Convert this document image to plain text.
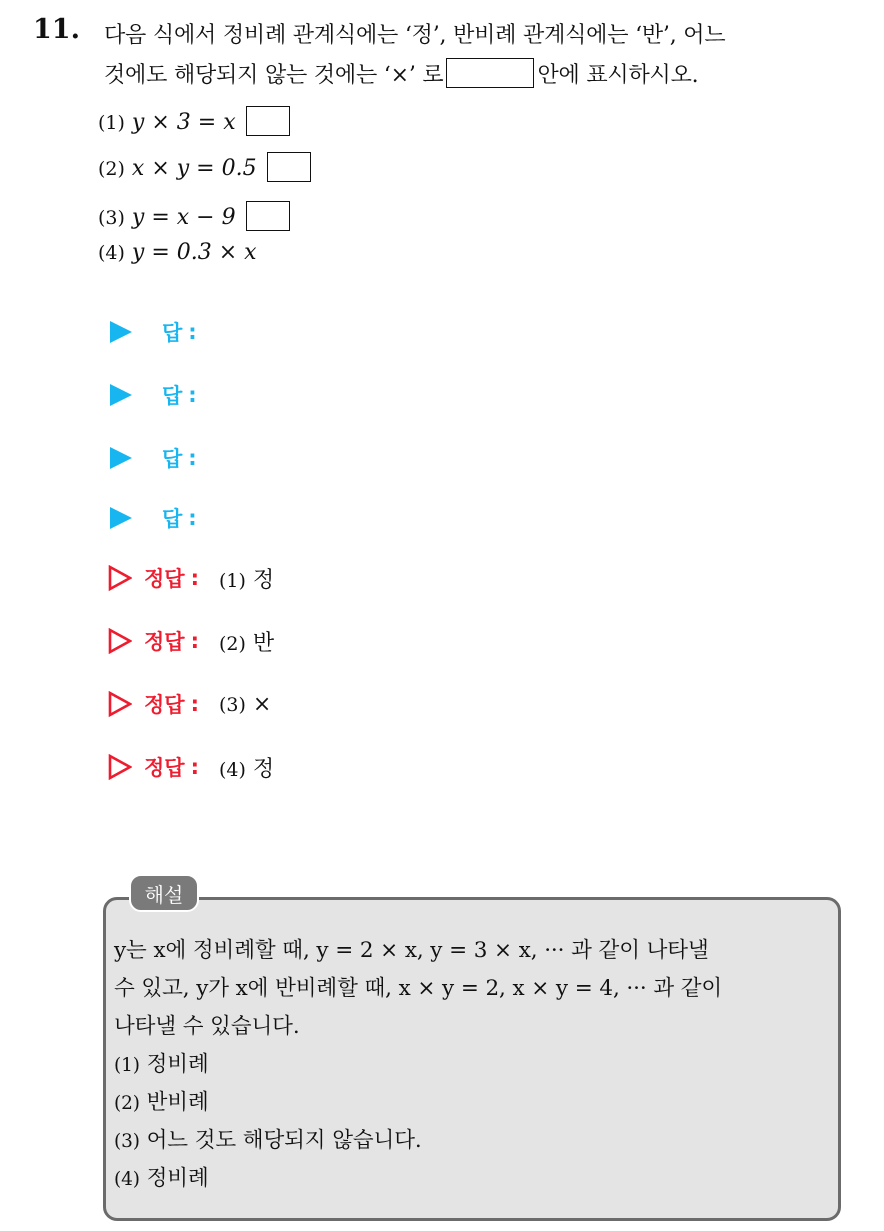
11. 다음 식에서 정비례 관계식에는 ‘정’, 반비례 관계식에는 ‘반’, 어느
것에도 해당되지 않는 것에는 ‘×’ 로	안에 표시하시오.
(1) y × 3 = x
(2) x × y = 0.5
(3) y = x − 9
(4) y = 0.3 × x
답 :
답 :
답 :
답 :
정답 : (1) 정
정답 : (2) 반
정답 : (3) ×
정답 : (4) 정
해설
y는 x에 정비례할 때, y = 2 × x, y = 3 × x, ··· 과 같이 나타낼
수 있고, y가 x에 반비례할 때, x × y = 2, x × y = 4, ··· 과 같이
나타낼 수 있습니다.
(1) 정비례
(2) 반비례
(3) 어느 것도 해당되지 않습니다.
(4) 정비례
